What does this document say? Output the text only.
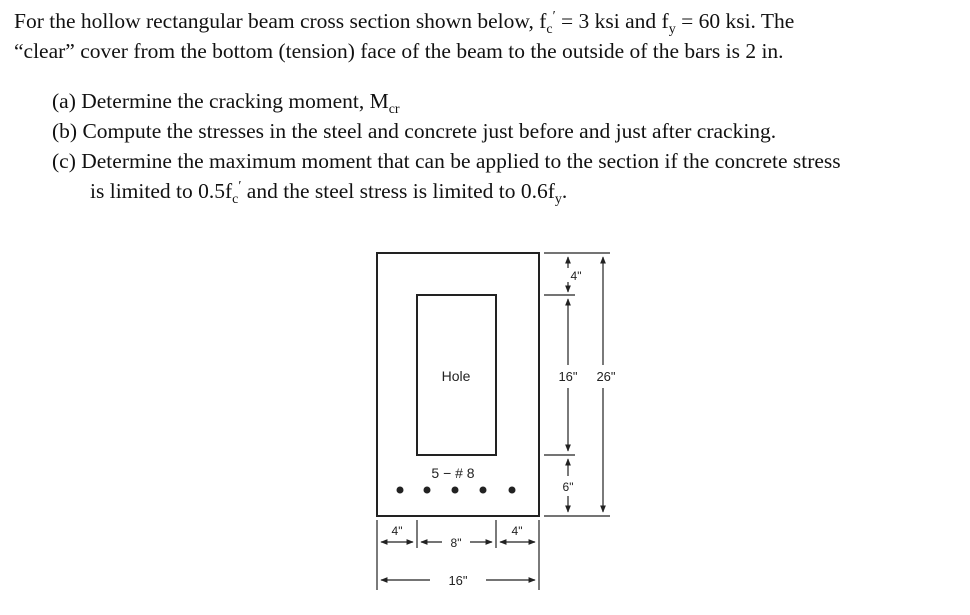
For the hollow rectangular beam cross section shown below, $f_c' = 3$ ksi and $f_y = 60$ ksi. The
“clear” cover from the bottom (tension) face of the beam to the outside of the bars is 2 in.
(a) Determine the cracking moment, $M_{cr}$
(b) Compute the stresses in the steel and concrete just before and just after cracking.
(c) Determine the maximum moment that can be applied to the section if the concrete stress
is limited to $0.5f_c'$ and the steel stress is limited to $0.6f_y$.
Hole
5 − # 8
4"
16" 26"
6"
4"
8"
4"
16"
